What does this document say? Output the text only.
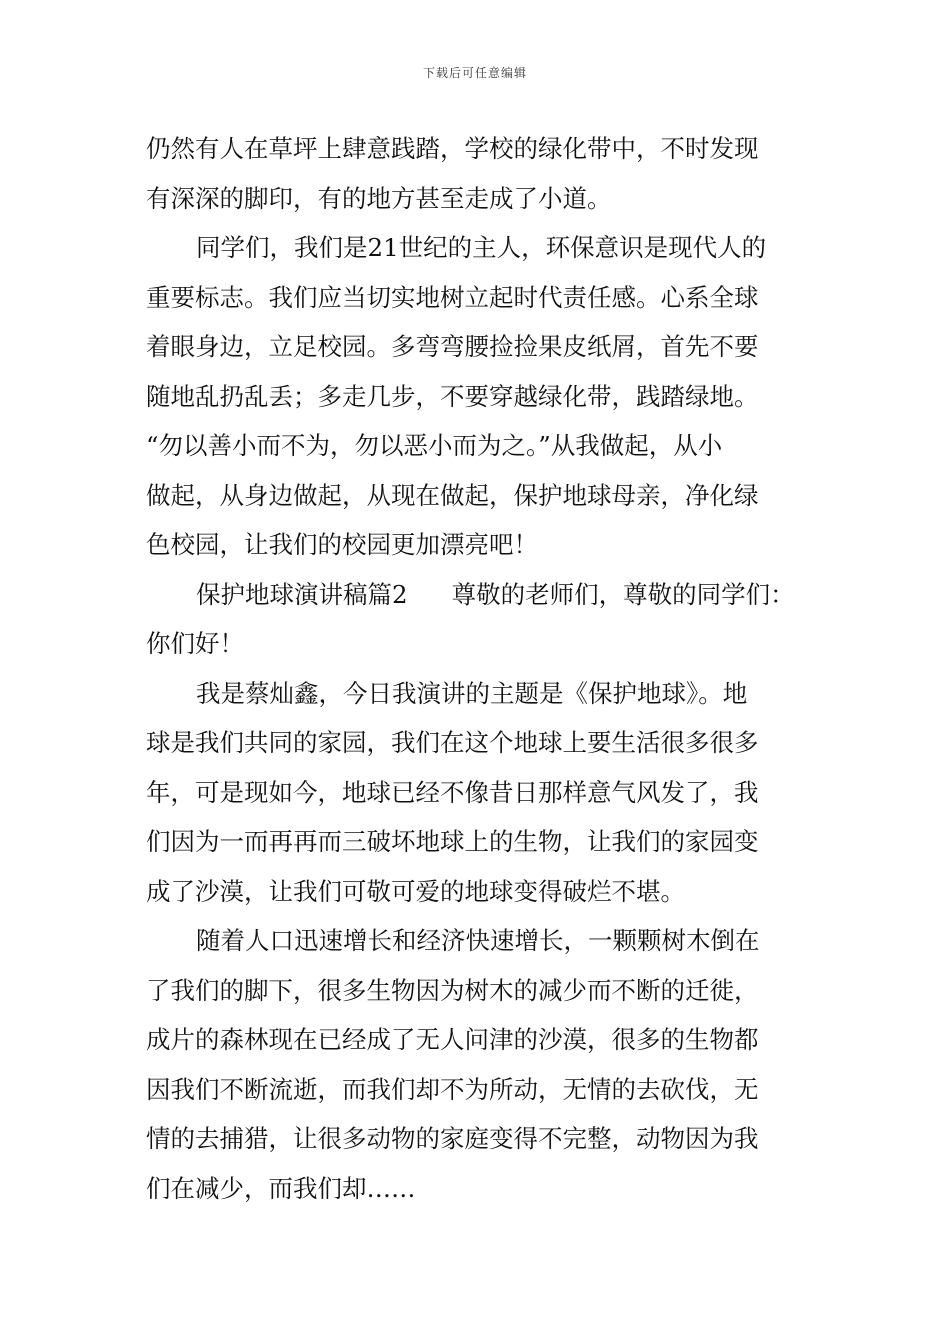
下载后可任意编辑
仍然有人在草坪上肆意践踏，学校的绿化带中，不时发现
有深深的脚印，有的地方甚至走成了小道。
同学们，我们是21世纪的主人，环保意识是现代人的
重要标志。我们应当切实地树立起时代责任感。心系全球
着眼身边，立足校园。多弯弯腰捡捡果皮纸屑，首先不要
随地乱扔乱丢；多走几步，不要穿越绿化带，践踏绿地。
“勿以善小而不为，勿以恶小而为之。”从我做起，从小
做起，从身边做起，从现在做起，保护地球母亲，净化绿
色校园，让我们的校园更加漂亮吧！
保护地球演讲稿篇2 尊敬的老师们，尊敬的同学们：
你们好！
我是蔡灿鑫，今日我演讲的主题是《保护地球》。地
球是我们共同的家园，我们在这个地球上要生活很多很多
年，可是现如今，地球已经不像昔日那样意气风发了，我
们因为一而再再而三破坏地球上的生物，让我们的家园变
成了沙漠，让我们可敬可爱的地球变得破烂不堪。
随着人口迅速增长和经济快速增长，一颗颗树木倒在
了我们的脚下，很多生物因为树木的减少而不断的迁徙，
成片的森林现在已经成了无人问津的沙漠，很多的生物都
因我们不断流逝，而我们却不为所动，无情的去砍伐，无
情的去捕猎，让很多动物的家庭变得不完整，动物因为我
们在减少，而我们却……
